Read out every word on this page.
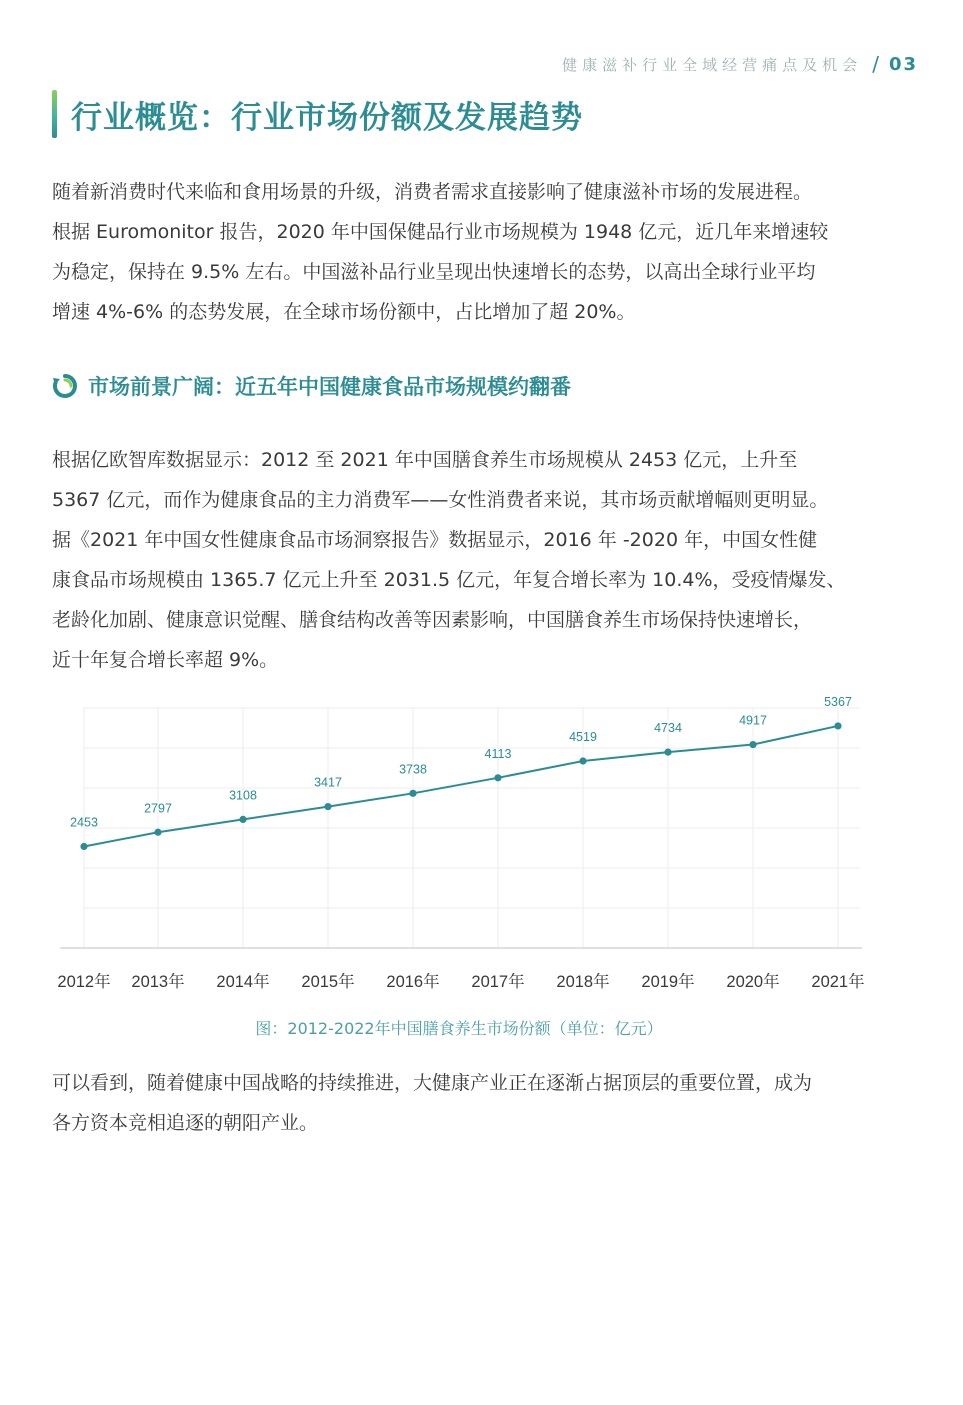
健康滋补行业全域经营痛点及机会 / 03
行业概览：行业市场份额及发展趋势

随着新消费时代来临和食用场景的升级，消费者需求直接影响了健康滋补市场的发展进程。
根据 Euromonitor 报告，2020 年中国保健品行业市场规模为 1948 亿元，近几年来增速较
为稳定，保持在 9.5% 左右。中国滋补品行业呈现出快速增长的态势，以高出全球行业平均
增速 4%-6% 的态势发展，在全球市场份额中，占比增加了超 20%。

市场前景广阔：近五年中国健康食品市场规模约翻番

根据亿欧智库数据显示：2012 至 2021 年中国膳食养生市场规模从 2453 亿元，上升至
5367 亿元，而作为健康食品的主力消费军——女性消费者来说，其市场贡献增幅则更明显。
据《2021 年中国女性健康食品市场洞察报告》数据显示，2016 年 -2020 年，中国女性健
康食品市场规模由 1365.7 亿元上升至 2031.5 亿元，年复合增长率为 10.4%，受疫情爆发、
老龄化加剧、健康意识觉醒、膳食结构改善等因素影响，中国膳食养生市场保持快速增长，
近十年复合增长率超 9%。

2453
2012年
2797
2013年
3108
2014年
3417
2015年
3738
2016年
4113
2017年
4519
2018年
4734
2019年
4917
2020年
5367
2021年
图：2012-2022年中国膳食养生市场份额（单位：亿元）

可以看到，随着健康中国战略的持续推进，大健康产业正在逐渐占据顶层的重要位置，成为
各方资本竞相追逐的朝阳产业。
